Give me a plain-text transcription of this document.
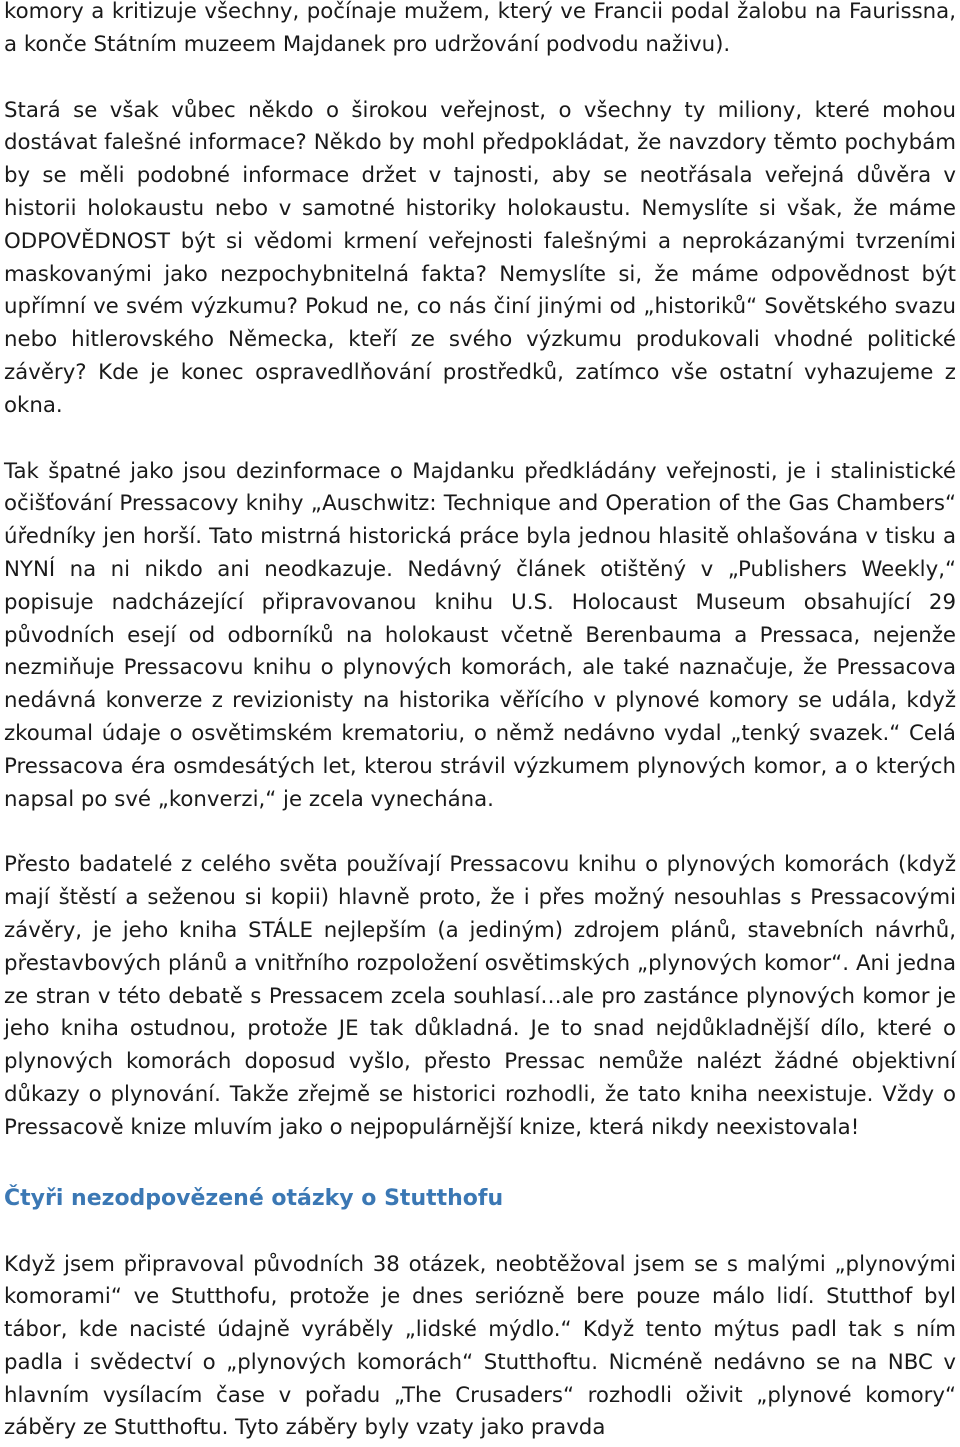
komory a kritizuje všechny, počínaje mužem, který ve Francii podal žalobu na Faurissna, a konče Státním muzeem Majdanek pro udržování podvodu naživu).

Stará se však vůbec někdo o širokou veřejnost, o všechny ty miliony, které mohou dostávat falešné informace? Někdo by mohl předpokládat, že navzdory těmto pochybám by se měli podobné informace držet v tajnosti, aby se neotřásala veřejná důvěra v historii holokaustu nebo v samotné historiky holokaustu. Nemyslíte si však, že máme ODPOVĚDNOST být si vědomi krmení veřejnosti falešnými a neprokázanými tvrzeními maskovanými jako nezpochybnitelná fakta? Nemyslíte si, že máme odpovědnost být upřímní ve svém výzkumu? Pokud ne, co nás činí jinými od „historiků“ Sovětského svazu nebo hitlerovského Německa, kteří ze svého výzkumu produkovali vhodné politické závěry? Kde je konec ospravedlňování prostředků, zatímco vše ostatní vyhazujeme z okna.

Tak špatné jako jsou dezinformace o Majdanku předkládány veřejnosti, je i stalinistické očišťování Pressacovy knihy „Auschwitz: Technique and Operation of the Gas Chambers“ úředníky jen horší. Tato mistrná historická práce byla jednou hlasitě ohlašována v tisku a NYNÍ na ni nikdo ani neodkazuje. Nedávný článek otištěný v „Publishers Weekly,“ popisuje nadcházející připravovanou knihu U.S. Holocaust Museum obsahující 29 původních esejí od odborníků na holokaust včetně Berenbauma a Pressaca, nejenže nezmiňuje Pressacovu knihu o plynových komorách, ale také naznačuje, že Pressacova nedávná konverze z revizionisty na historika věřícího v plynové komory se udála, když zkoumal údaje o osvětimském krematoriu, o němž nedávno vydal „tenký svazek.“ Celá Pressacova éra osmdesátých let, kterou strávil výzkumem plynových komor, a o kterých napsal po své „konverzi,“ je zcela vynechána.

Přesto badatelé z celého světa používají Pressacovu knihu o plynových komorách (když mají štěstí a seženou si kopii) hlavně proto, že i přes možný nesouhlas s Pressacovými závěry, je jeho kniha STÁLE nejlepším (a jediným) zdrojem plánů, stavebních návrhů, přestavbových plánů a vnitřního rozpoložení osvětimských „plynových komor“. Ani jedna ze stran v této debatě s Pressacem zcela souhlasí…ale pro zastánce plynových komor je jeho kniha ostudnou, protože JE tak důkladná. Je to snad nejdůkladnější dílo, které o plynových komorách doposud vyšlo, přesto Pressac nemůže nalézt žádné objektivní důkazy o plynování. Takže zřejmě se historici rozhodli, že tato kniha neexistuje. Vždy o Pressacově knize mluvím jako o nejpopulárnější knize, která nikdy neexistovala!

Čtyři nezodpovězené otázky o Stutthofu

Když jsem připravoval původních 38 otázek, neobtěžoval jsem se s malými „plynovými komorami“ ve Stutthofu, protože je dnes seriózně bere pouze málo lidí. Stutthof byl tábor, kde nacisté údajně vyráběly „lidské mýdlo.“ Když tento mýtus padl tak s ním padla i svědectví o „plynových komorách“ Stutthoftu. Nicméně nedávno se na NBC v hlavním vysílacím čase v pořadu „The Crusaders“ rozhodli oživit „plynové komory“ záběry ze Stutthoftu. Tyto záběry byly vzaty jako pravda
